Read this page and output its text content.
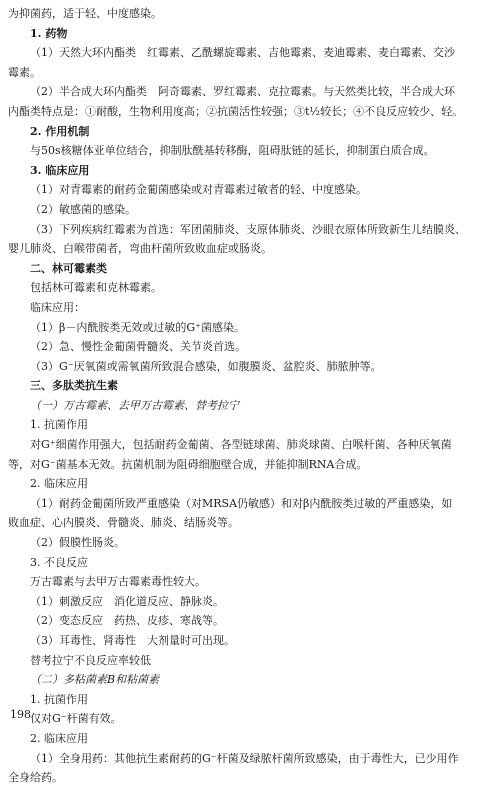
为抑菌药，适于轻、中度感染。
1. 药物
（1）天然大环内酯类　红霉素、乙酰螺旋霉素、吉他霉素、麦迪霉素、麦白霉素、交沙
霉素。
（2）半合成大环内酯类　阿奇霉素、罗红霉素、克拉霉素。与天然类比较，半合成大环
内酯类特点是：①耐酸，生物利用度高；②抗菌活性较强；③t½较长；④不良反应较少、轻。
2. 作用机制
与50s核糖体亚单位结合，抑制肽酰基转移酶，阻碍肽链的延长，抑制蛋白质合成。
3. 临床应用
（1）对青霉素的耐药金葡菌感染或对青霉素过敏者的轻、中度感染。
（2）敏感菌的感染。
（3）下列疾病红霉素为首选：军团菌肺炎、支原体肺炎、沙眼衣原体所致新生儿结膜炎、
婴儿肺炎、白喉带菌者，弯曲杆菌所致败血症或肠炎。
二、林可霉素类
包括林可霉素和克林霉素。
临床应用：
（1）β－内酰胺类无效或过敏的G⁺菌感染。
（2）急、慢性金葡菌骨髓炎、关节炎首选。
（3）G⁻厌氧菌或需氧菌所致混合感染，如腹膜炎、盆腔炎、肺脓肿等。
三、多肽类抗生素
（一）万古霉素、去甲万古霉素、替考拉宁
1. 抗菌作用
对G⁺细菌作用强大，包括耐药金葡菌、各型链球菌、肺炎球菌、白喉杆菌、各种厌氧菌
等，对G⁻菌基本无效。抗菌机制为阻碍细胞壁合成，并能抑制RNA合成。
2. 临床应用
（1）耐药金葡菌所致严重感染（对MRSA仍敏感）和对β内酰胺类过敏的严重感染，如
败血症、心内膜炎、骨髓炎、肺炎、结肠炎等。
（2）假膜性肠炎。
3. 不良反应
万古霉素与去甲万古霉素毒性较大。
（1）刺激反应　消化道反应、静脉炎。
（2）变态反应　药热、皮疹、寒战等。
（3）耳毒性、肾毒性　大剂量时可出现。
替考拉宁不良反应率较低
（二）多粘菌素B和粘菌素
1. 抗菌作用
仅对G⁻杆菌有效。
2. 临床应用
（1）全身用药：其他抗生素耐药的G⁻杆菌及绿脓杆菌所致感染，由于毒性大，已少用作
全身给药。
198
